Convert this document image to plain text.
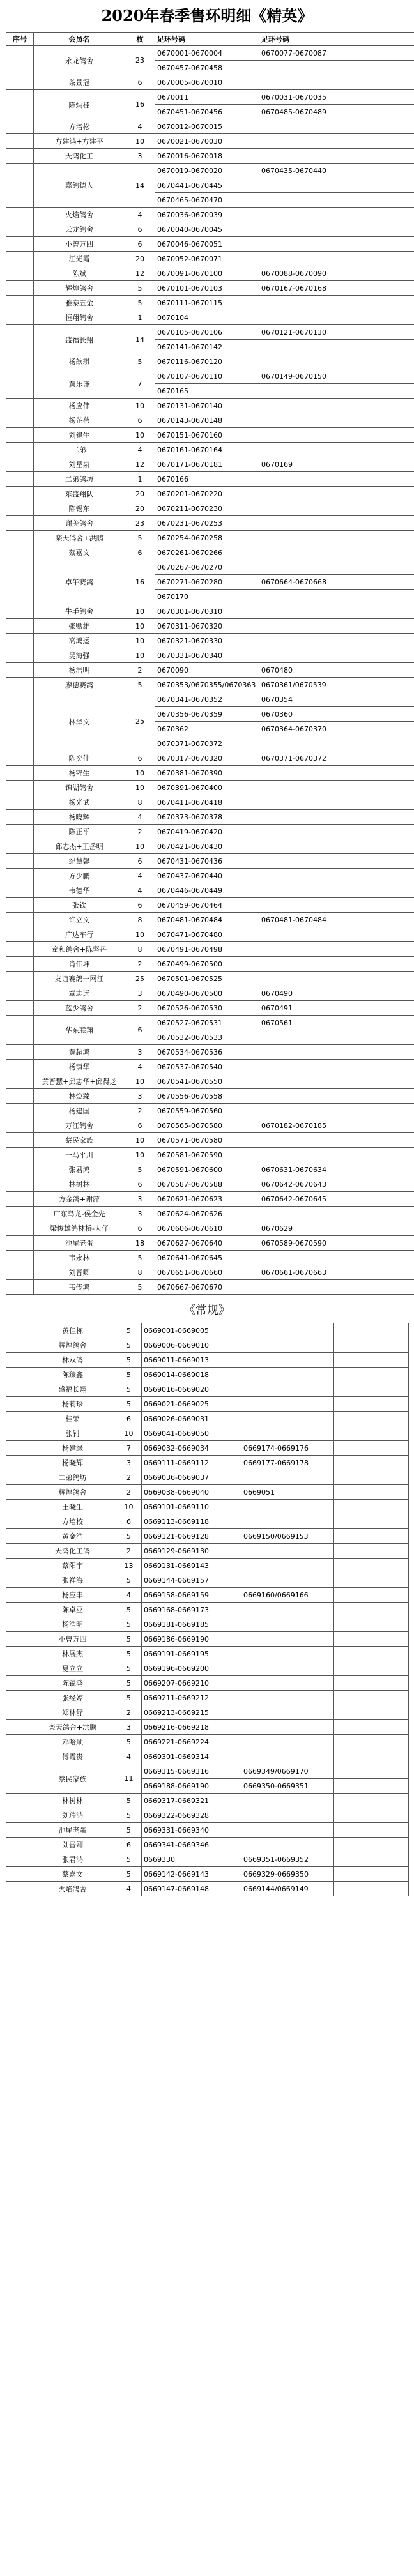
2020年春季售环明细《精英》
序号	会员名	枚	足环号码	足环号码	
	永龙鸽舍	23	0670001-0670004	0670077-0670087	
			0670457-0670458		
	茶景冠	6	0670005-0670010		
	陈炳桂	16	0670011	0670031-0670035	
			0670451-0670456	0670485-0670489	
	方培松	4	0670012-0670015		
	方建鸿+方建平	10	0670021-0670030		
	天鸿化工	3	0670016-0670018		
	嘉鸽德人	14	0670019-0670020	0670435-0670440	
			0670441-0670445		
			0670465-0670470		
	火焰鸽舍	4	0670036-0670039		
	云龙鸽舍	6	0670040-0670045		
	小曾万四	6	0670046-0670051		
	江光霞	20	0670052-0670071		
	陈斌	12	0670091-0670100	0670088-0670090	
	辉煌鸽舍	5	0670101-0670103	0670167-0670168	
	雅泰五金	5	0670111-0670115		
	恒翔鸽舍	1	0670104		
	盛福长翔	14	0670105-0670106	0670121-0670130	
			0670141-0670142		
	杨歆琪	5	0670116-0670120		
	黄乐谦	7	0670107-0670110	0670149-0670150	
			0670165		
	杨应伟	10	0670131-0670140		
	杨芷蓓	6	0670143-0670148		
	刘建生	10	0670151-0670160		
	二弟	4	0670161-0670164		
	刘星泉	12	0670171-0670181	0670169	
	二弟鸽坊	1	0670166		
	东盛翔队	20	0670201-0670220		
	陈锡东	20	0670211-0670230		
	谢美鸽舍	23	0670231-0670253		
	栾天鸽舍+洪鹏	5	0670254-0670258		
	蔡嘉文	6	0670261-0670266		
	卓午赛鸽	16	0670267-0670270		
			0670271-0670280	0670664-0670668	
			0670170		
	牛手鸽舍	10	0670301-0670310		
	张赋雄	10	0670311-0670320		
	高鸿运	10	0670321-0670330		
	吴海强	10	0670331-0670340		
	杨浩明	2	0670090	0670480	
	廖德赛鸽	5	0670353/0670355/0670363	0670361/0670539	
	林泽文	25	0670341-0670352	0670354	
			0670356-0670359	0670360	
			0670362	0670364-0670370	
			0670371-0670372		
	陈奕佳	6	0670317-0670320	0670371-0670372	
	杨锦生	10	0670381-0670390		
	锦湖鸽舍	10	0670391-0670400		
	杨光武	8	0670411-0670418		
	杨晓辉	4	0670373-0670378		
	陈正平	2	0670419-0670420		
	邱志杰+王岳明	10	0670421-0670430		
	纪慧馨	6	0670431-0670436		
	方少鹏	4	0670437-0670440		
	韦德华	4	0670446-0670449		
	张钦	6	0670459-0670464		
	许立文	8	0670481-0670484	0670481-0670484	
	广达车行	10	0670471-0670480		
	童和鸽舍+陈坚丹	8	0670491-0670498		
	肖伟坤	2	0670499-0670500		
	友谊赛鸽一网江	25	0670501-0670525		
	章志远	3	0670490-0670500	0670490	
	蓝少鸽舍	2	0670526-0670530	0670491	
	华东联翔	6	0670527-0670531	0670561	
			0670532-0670533		
	黄超鸿	3	0670534-0670536		
	杨镇华	4	0670537-0670540		
	黄晋慧+邱志华+邱得芝	10	0670541-0670550		
	林焕臻	3	0670556-0670558		
	杨建国	2	0670559-0670560		
	万江鸽舍	6	0670565-0670580	0670182-0670185	
	蔡民家族	10	0670571-0670580		
	一马平川	10	0670581-0670590		
	张君鸿	5	0670591-0670600	0670631-0670634	
	林树林	6	0670587-0670588	0670642-0670643	
	方金鸽+谢萍	3	0670621-0670623	0670642-0670645	
	广东鸟龙-侯金先	3	0670624-0670626		
	梁俊雄鸽林桥-人仔	6	0670606-0670610	0670629	
	池尾老蛋	18	0670627-0670640	0670589-0670590	
	韦永林	5	0670641-0670645		
	刘晋卿	8	0670651-0670660	0670661-0670663	
	韦传鸿	5	0670667-0670670		
《常规》
	黄佳栋	5	0669001-0669005		
	辉煌鸽舍	5	0669006-0669010		
	林双鸽	5	0669011-0669013		
	陈臻鑫	5	0669014-0669018		
	盛福长翔	5	0669016-0669020		
	杨莉珍	5	0669021-0669025		
	桂荣	6	0669026-0669031		
	张钊	10	0669041-0669050		
	杨建绿	7	0669032-0669034	0669174-0669176	
	杨晓辉	3	0669111-0669112	0669177-0669178	
	二弟鸽坊	2	0669036-0669037		
	辉煌鸽舍	2	0669038-0669040	0669051	
	王晓生	10	0669101-0669110		
	方培校	6	0669113-0669118		
	黄金浩	5	0669121-0669128	0669150/0669153	
	天鸿化工鸽	2	0669129-0669130		
	蔡阳宇	13	0669131-0669143		
	张祥海	5	0669144-0669157		
	杨应丰	4	0669158-0669159	0669160/0669166	
	陈卓亚	5	0669168-0669173		
	杨浩明	5	0669181-0669185		
	小曾万四	5	0669186-0669190		
	林展杰	5	0669191-0669195		
	夏立立	5	0669196-0669200		
	陈锐鸿	5	0669207-0669210		
	张经婷	5	0669211-0669212		
	郑林舒	2	0669213-0669215		
	栾天鸽舍+洪鹏	3	0669216-0669218		
	邓哈顺	5	0669221-0669224		
	傅霞贵	4	0669301-0669314		
	蔡民家族	11	0669315-0669316	0669349/0669170	
			0669188-0669190	0669350-0669351	
	林树林	5	0669317-0669321		
	刘瑞鸿	5	0669322-0669328		
	池尾老蛋	5	0669331-0669340		
	刘晋卿	6	0669341-0669346		
	张君鸿	5	0669330	0669351-0669352	
	蔡嘉文	5	0669142-0669143	0669329-0669350	
	火焰鸽舍	4	0669147-0669148	0669144/0669149	
